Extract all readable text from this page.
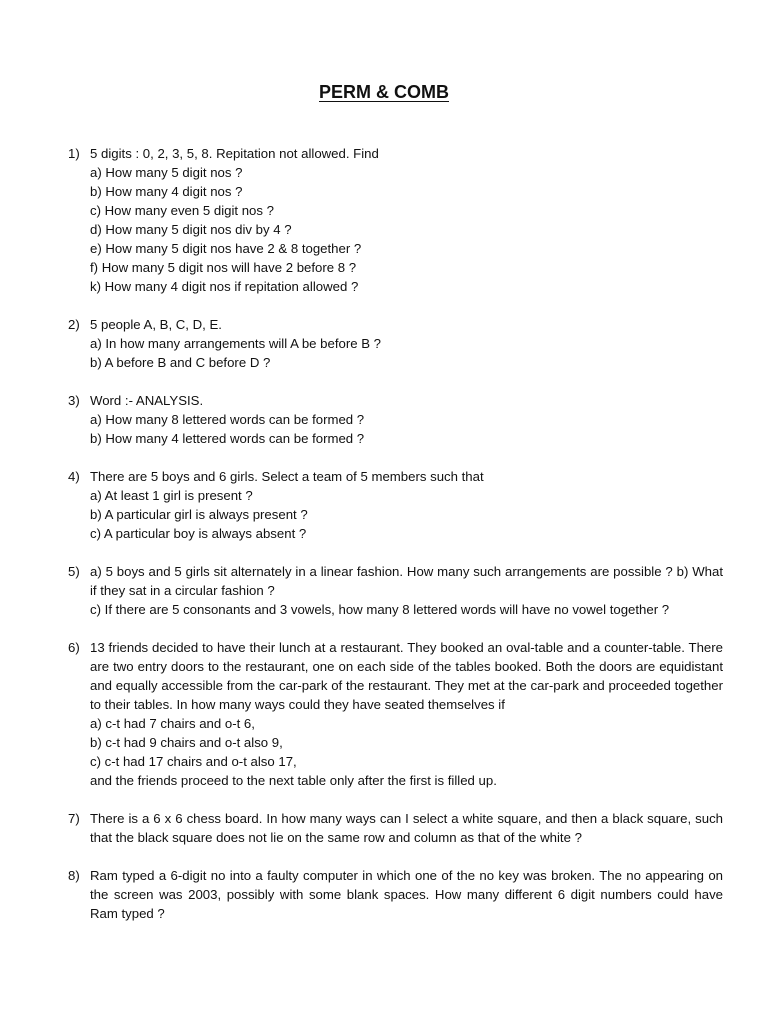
PERM & COMB
1) 5 digits : 0, 2, 3, 5, 8. Repitation not allowed. Find
a) How many 5 digit nos ?
b) How many 4 digit nos ?
c) How many even 5 digit nos ?
d) How many 5 digit nos div by 4 ?
e) How many 5 digit nos have 2 & 8 together ?
f) How many 5 digit nos will have 2 before 8 ?
k) How many 4 digit nos if repitation allowed ?
2) 5 people A, B, C, D, E.
a) In how many arrangements will A be before B ?
b) A before B and C before D ?
3) Word :- ANALYSIS.
a) How many 8 lettered words can be formed ?
b) How many 4 lettered words can be formed ?
4) There are 5 boys and 6 girls. Select a team of 5 members such that
a) At least 1 girl is present ?
b) A particular girl is always present ?
c) A particular boy is always absent ?
5) a) 5 boys and 5 girls sit alternately in a linear fashion. How many such arrangements are possible ? b) What if they sat in a circular fashion ?
c) If there are 5 consonants and 3 vowels, how many 8 lettered words will have no vowel together ?
6) 13 friends decided to have their lunch at a restaurant. They booked an oval-table and a counter-table. There are two entry doors to the restaurant, one on each side of the tables booked. Both the doors are equidistant and equally accessible from the car-park of the restaurant. They met at the car-park and proceeded together to their tables. In how many ways could they have seated themselves if
a) c-t had 7 chairs and o-t 6,
b) c-t had 9 chairs and o-t also 9,
c) c-t had 17 chairs and o-t also 17,
and the friends proceed to the next table only after the first is filled up.
7) There is a 6 x 6 chess board. In how many ways can I select a white square, and then a black square, such that the black square does not lie on the same row and column as that of the white ?
8) Ram typed a 6-digit no into a faulty computer in which one of the no key was broken. The no appearing on the screen was 2003, possibly with some blank spaces. How many different 6 digit numbers could have Ram typed ?
